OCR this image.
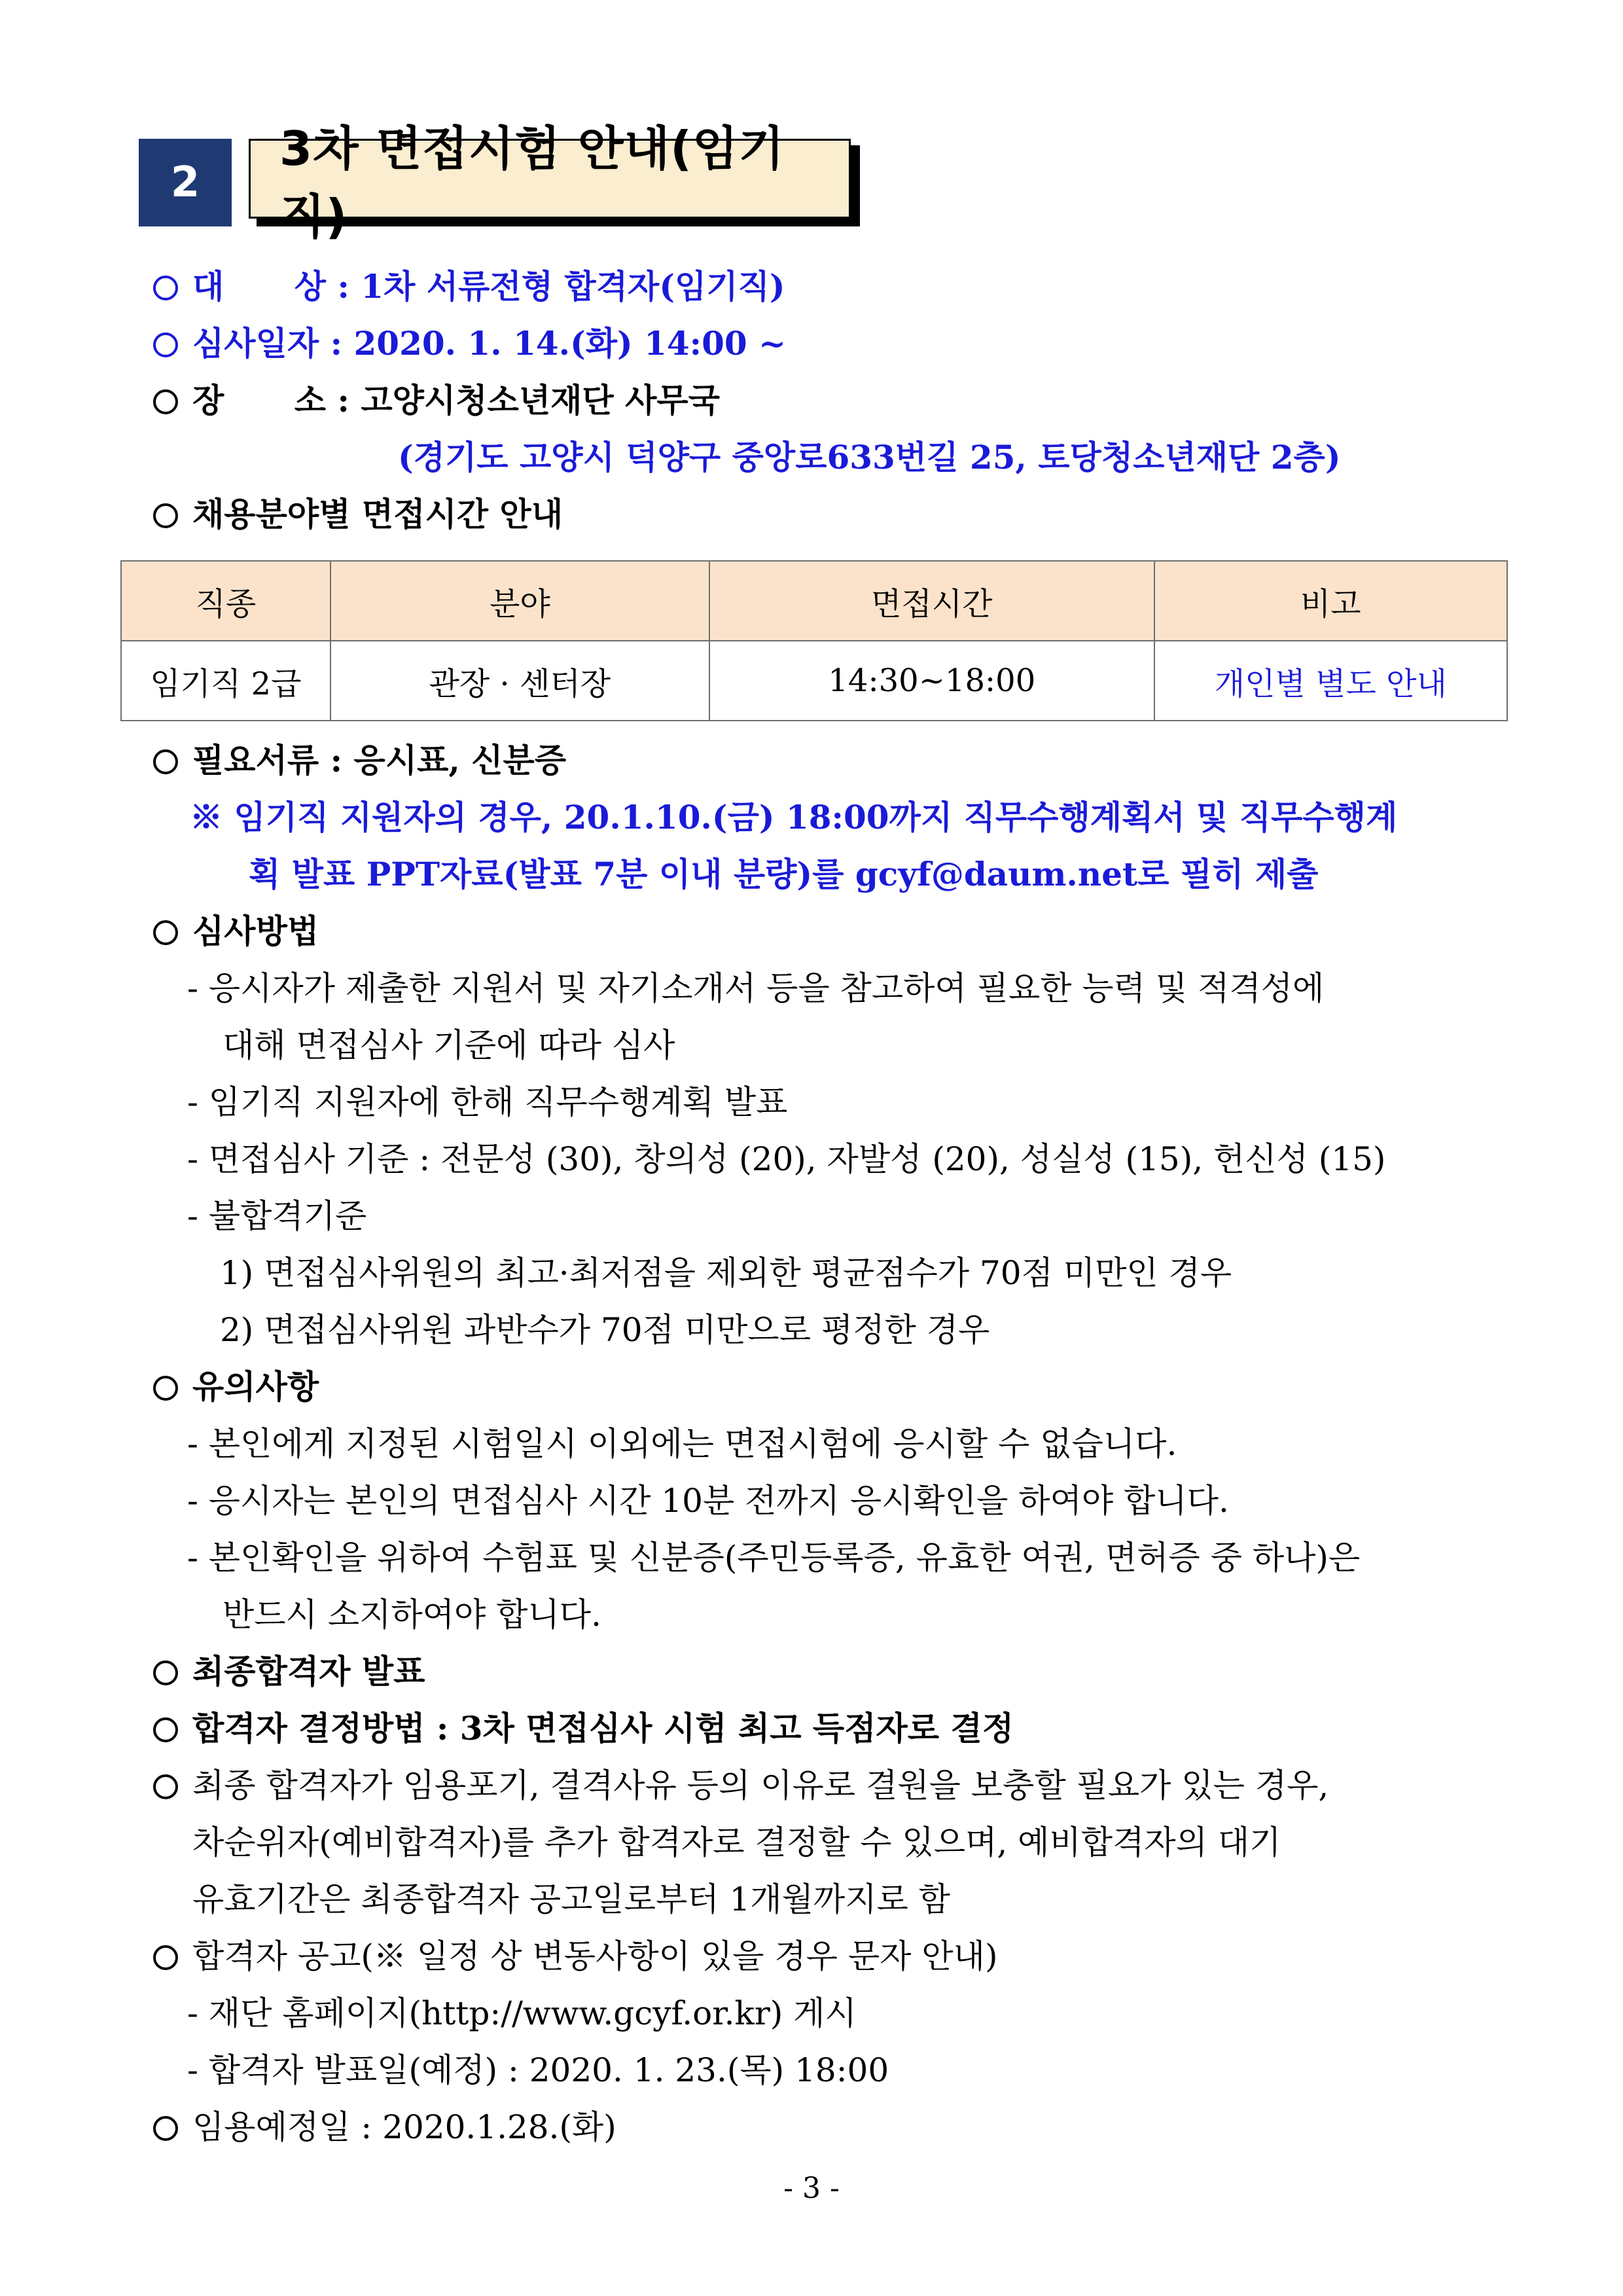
2
3차 면접시험 안내(임기직)
대 상 : 1차 서류전형 합격자(임기직)
심사일자 : 2020. 1. 14.(화) 14:00 ~
장 소 : 고양시청소년재단 사무국
(경기도 고양시 덕양구 중앙로633번길 25, 토당청소년재단 2층)
채용분야별 면접시간 안내
직종	분야	면접시간	비고
임기직 2급	관장 · 센터장	14:30~18:00	개인별 별도 안내
필요서류 : 응시표, 신분증
※ 임기직 지원자의 경우, 20.1.10.(금) 18:00까지 직무수행계획서 및 직무수행계
획 발표 PPT자료(발표 7분 이내 분량)를 gcyf@daum.net로 필히 제출
심사방법
- 응시자가 제출한 지원서 및 자기소개서 등을 참고하여 필요한 능력 및 적격성에
대해 면접심사 기준에 따라 심사
- 임기직 지원자에 한해 직무수행계획 발표
- 면접심사 기준 : 전문성 (30), 창의성 (20), 자발성 (20), 성실성 (15), 헌신성 (15)
- 불합격기준
1) 면접심사위원의 최고·최저점을 제외한 평균점수가 70점 미만인 경우
2) 면접심사위원 과반수가 70점 미만으로 평정한 경우
유의사항
- 본인에게 지정된 시험일시 이외에는 면접시험에 응시할 수 없습니다.
- 응시자는 본인의 면접심사 시간 10분 전까지 응시확인을 하여야 합니다.
- 본인확인을 위하여 수험표 및 신분증(주민등록증, 유효한 여권, 면허증 중 하나)은
반드시 소지하여야 합니다.
최종합격자 발표
합격자 결정방법 : 3차 면접심사 시험 최고 득점자로 결정
최종 합격자가 임용포기, 결격사유 등의 이유로 결원을 보충할 필요가 있는 경우,
차순위자(예비합격자)를 추가 합격자로 결정할 수 있으며, 예비합격자의 대기
유효기간은 최종합격자 공고일로부터 1개월까지로 함
합격자 공고(※ 일정 상 변동사항이 있을 경우 문자 안내)
- 재단 홈페이지(http://www.gcyf.or.kr) 게시
- 합격자 발표일(예정) : 2020. 1. 23.(목) 18:00
임용예정일 : 2020.1.28.(화)
- 3 -
